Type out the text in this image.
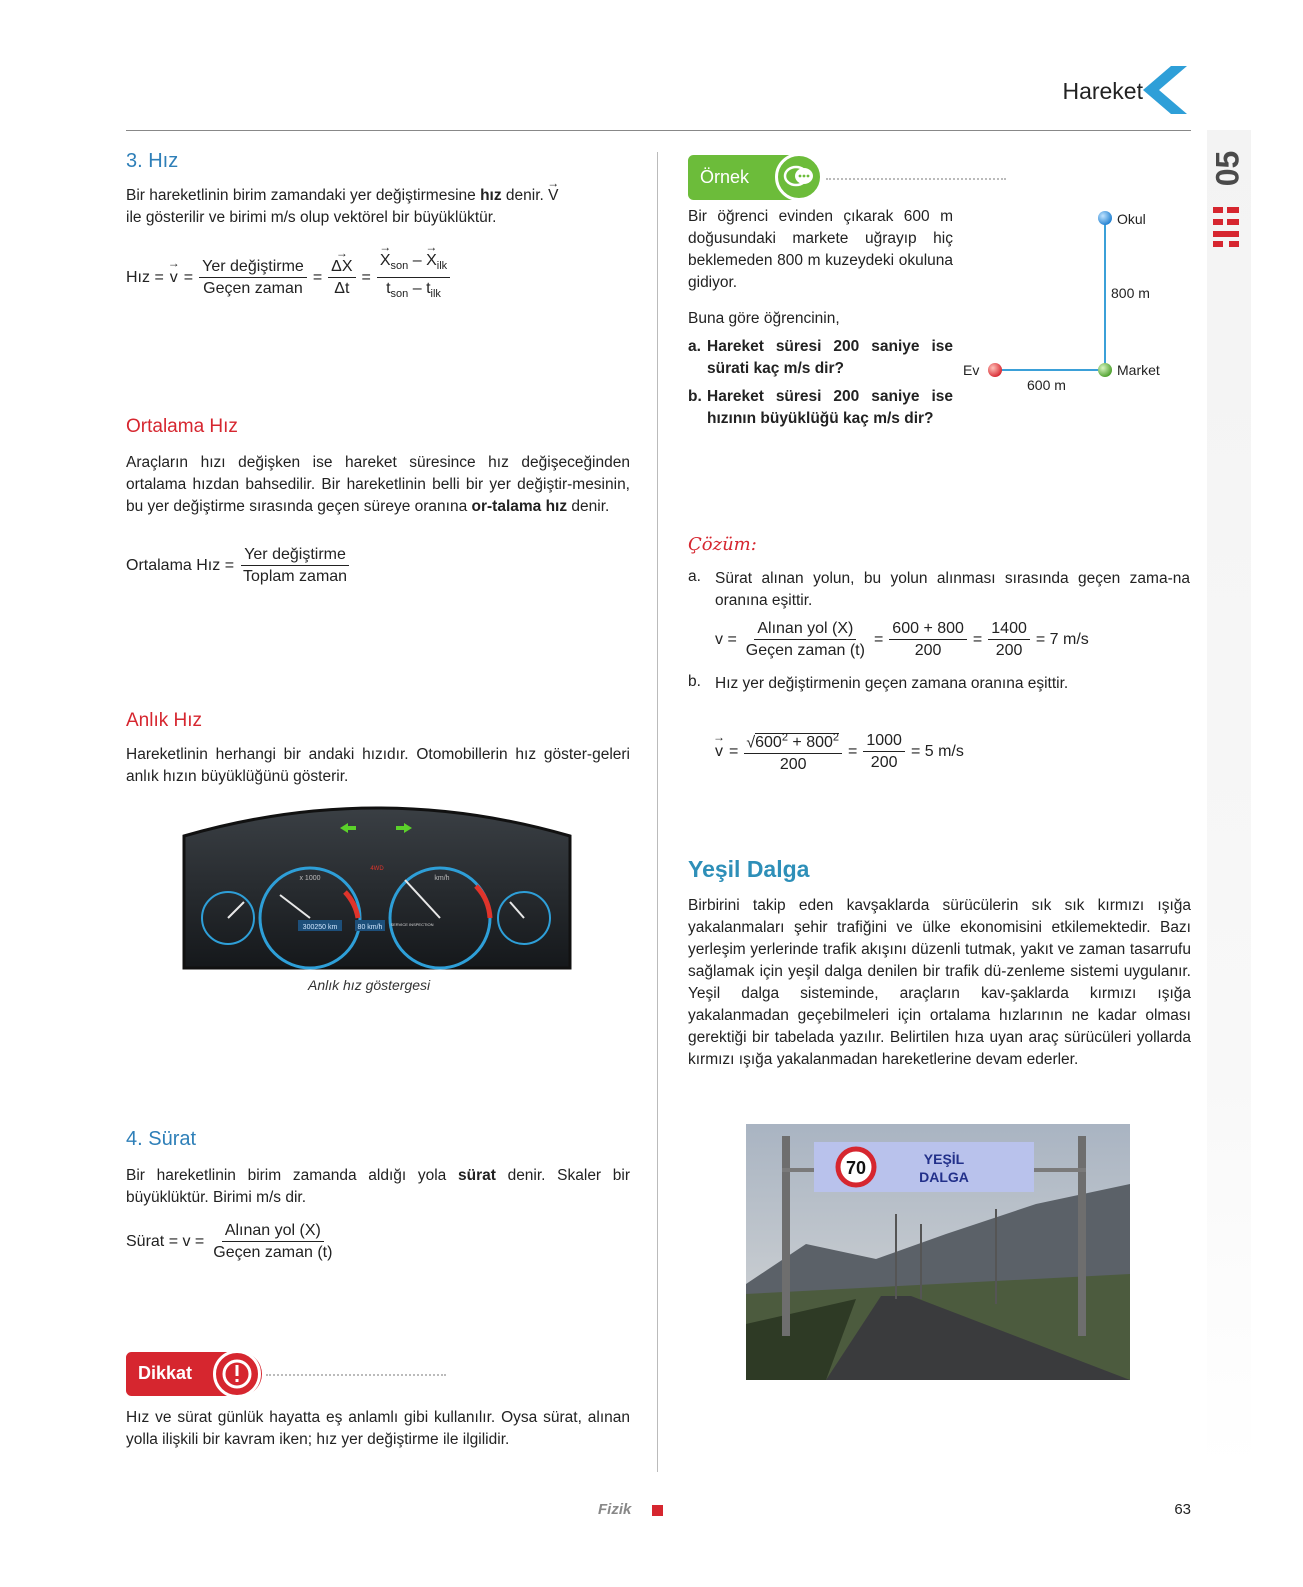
Hareket
05
3. Hız

Bir hareketlinin birim zamandaki yer değiştirmesine hız denir. → V
ile gösterilir ve birimi m/s olup vektörel bir büyüklüktür.

Hız = → $v = \frac{\text{Yer değiştirme}}{\text{Geçen zaman}}$ = → $\frac{\Delta X}{\Delta t}$ = → $\frac{X_{son} - \to X_{ilk}}{t_{son} - t_{ilk}}$
Ortalama Hız

Araçların hızı değişken ise hareket süresince hız değişeceğinden ortalama hızdan bahsedilir. Bir hareketlinin belli bir yer değiştir-mesinin, bu yer değiştirme sırasında geçen süreye oranına or-talama hız denir.

Ortalama Hız = $\frac{\text{Yer değiştirme}}{\text{Toplam zaman}}$
Anlık Hız

Hareketlinin herhangi bir andaki hızıdır. Otomobillerin hız göster-geleri anlık hızın büyüklüğünü gösterir.

x 1000	km/h
4WD
300250 km	80 km/h SERVICE INSPECTION
Anlık hız göstergesi
4. Sürat

Bir hareketlinin birim zamanda aldığı yola sürat denir. Skaler bir büyüklüktür. Birimi m/s dir.

Sürat = $v = \frac{\text{Alınan yol (X)}}{\text{Geçen zaman (t)}}$
Dikkat

Hız ve sürat günlük hayatta eş anlamlı gibi kullanılır. Oysa sürat, alınan yolla ilişkili bir kavram iken; hız yer değiştirme ile ilgilidir.

Örnek

Bir öğrenci evinden çıkarak 600 m doğusundaki markete uğrayıp hiç beklemeden 800 m kuzeydeki okuluna gidiyor.

Buna göre öğrencinin,
a. Hareket süresi 200 saniye ise sürati kaç m/s dir?
b. Hareket süresi 200 saniye ise hızının büyüklüğü kaç m/s dir?
Okul
Ev	Market
800 m
600 m
Çözüm:
a. Sürat alınan yolun, bu yolun alınması sırasında geçen zama-na oranına eşittir.

$v = \frac{\text{Alınan yol (X)}}{\text{Geçen zaman (t)}} = \frac{600 + 800}{200} = \frac{1400}{200} = 7$ m/s
b. Hız yer değiştirmenin geçen zamana oranına eşittir.

→ $v = \frac{√600^2 + 800^2}{200} = \frac{1000}{200} = 5$ m/s
Yeşil Dalga

Birbirini takip eden kavşaklarda sürücülerin sık sık kırmızı ışığa yakalanmaları şehir trafiğini ve ülke ekonomisini etkilemektedir. Bazı yerleşim yerlerinde trafik akışını düzenli tutmak, yakıt ve zaman tasarrufu sağlamak için yeşil dalga denilen bir trafik dü-zenleme sistemi uygulanır. Yeşil dalga sisteminde, araçların kav-şaklarda kırmızı ışığa yakalanmadan geçebilmeleri için ortalama hızlarının ne kadar olması gerektiği bir tabelada yazılır. Belirtilen hıza uyan araç sürücüleri yollarda kırmızı ışığa yakalanmadan hareketlerine devam ederler.

70	YEŞİL
DALGA
Fizik	63
